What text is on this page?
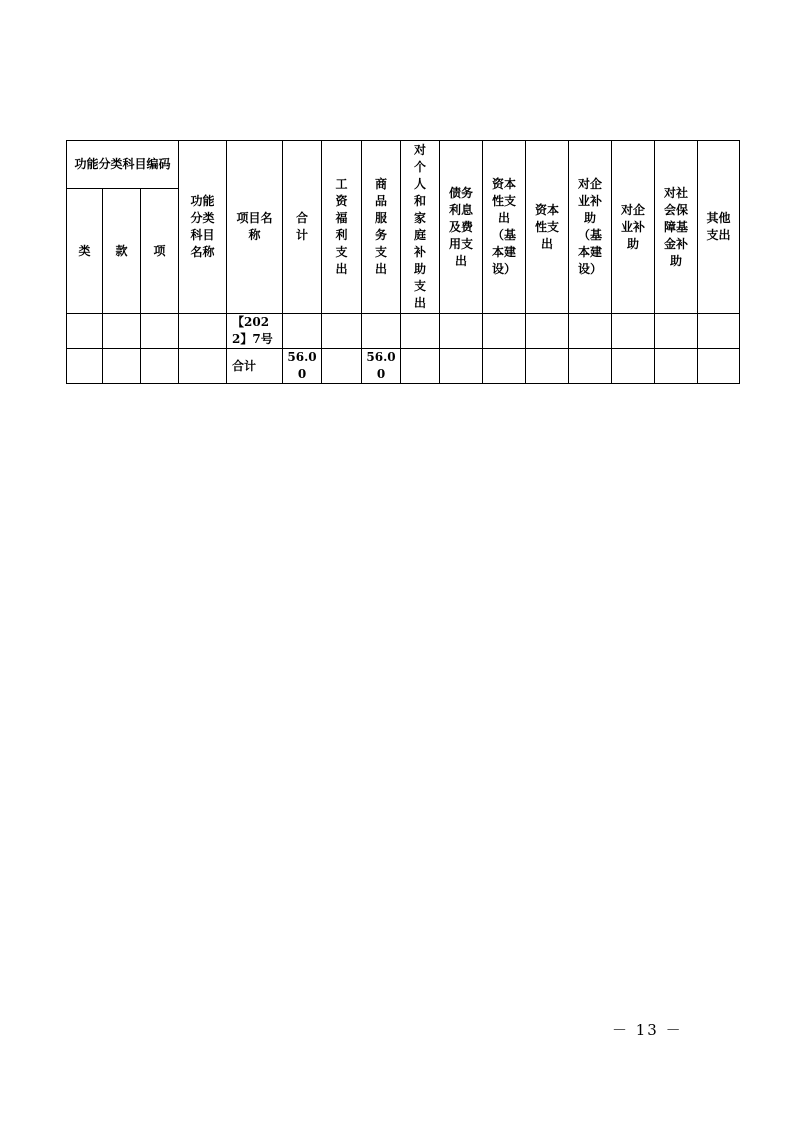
功能分类科目编码			功能分类科目名称	项目名称	合计	工资福利支出	商品服务支出	对个人和家庭补助支出	债务利息及费用支出	资本性支出（基本建设）	资本性支出	对企业补助（基本建设）	对企业补助	对社会保障基金补助	其他支出
类	款	项													
				【2022】7号											
				合计	56.00		56.00								
－ 13 －
